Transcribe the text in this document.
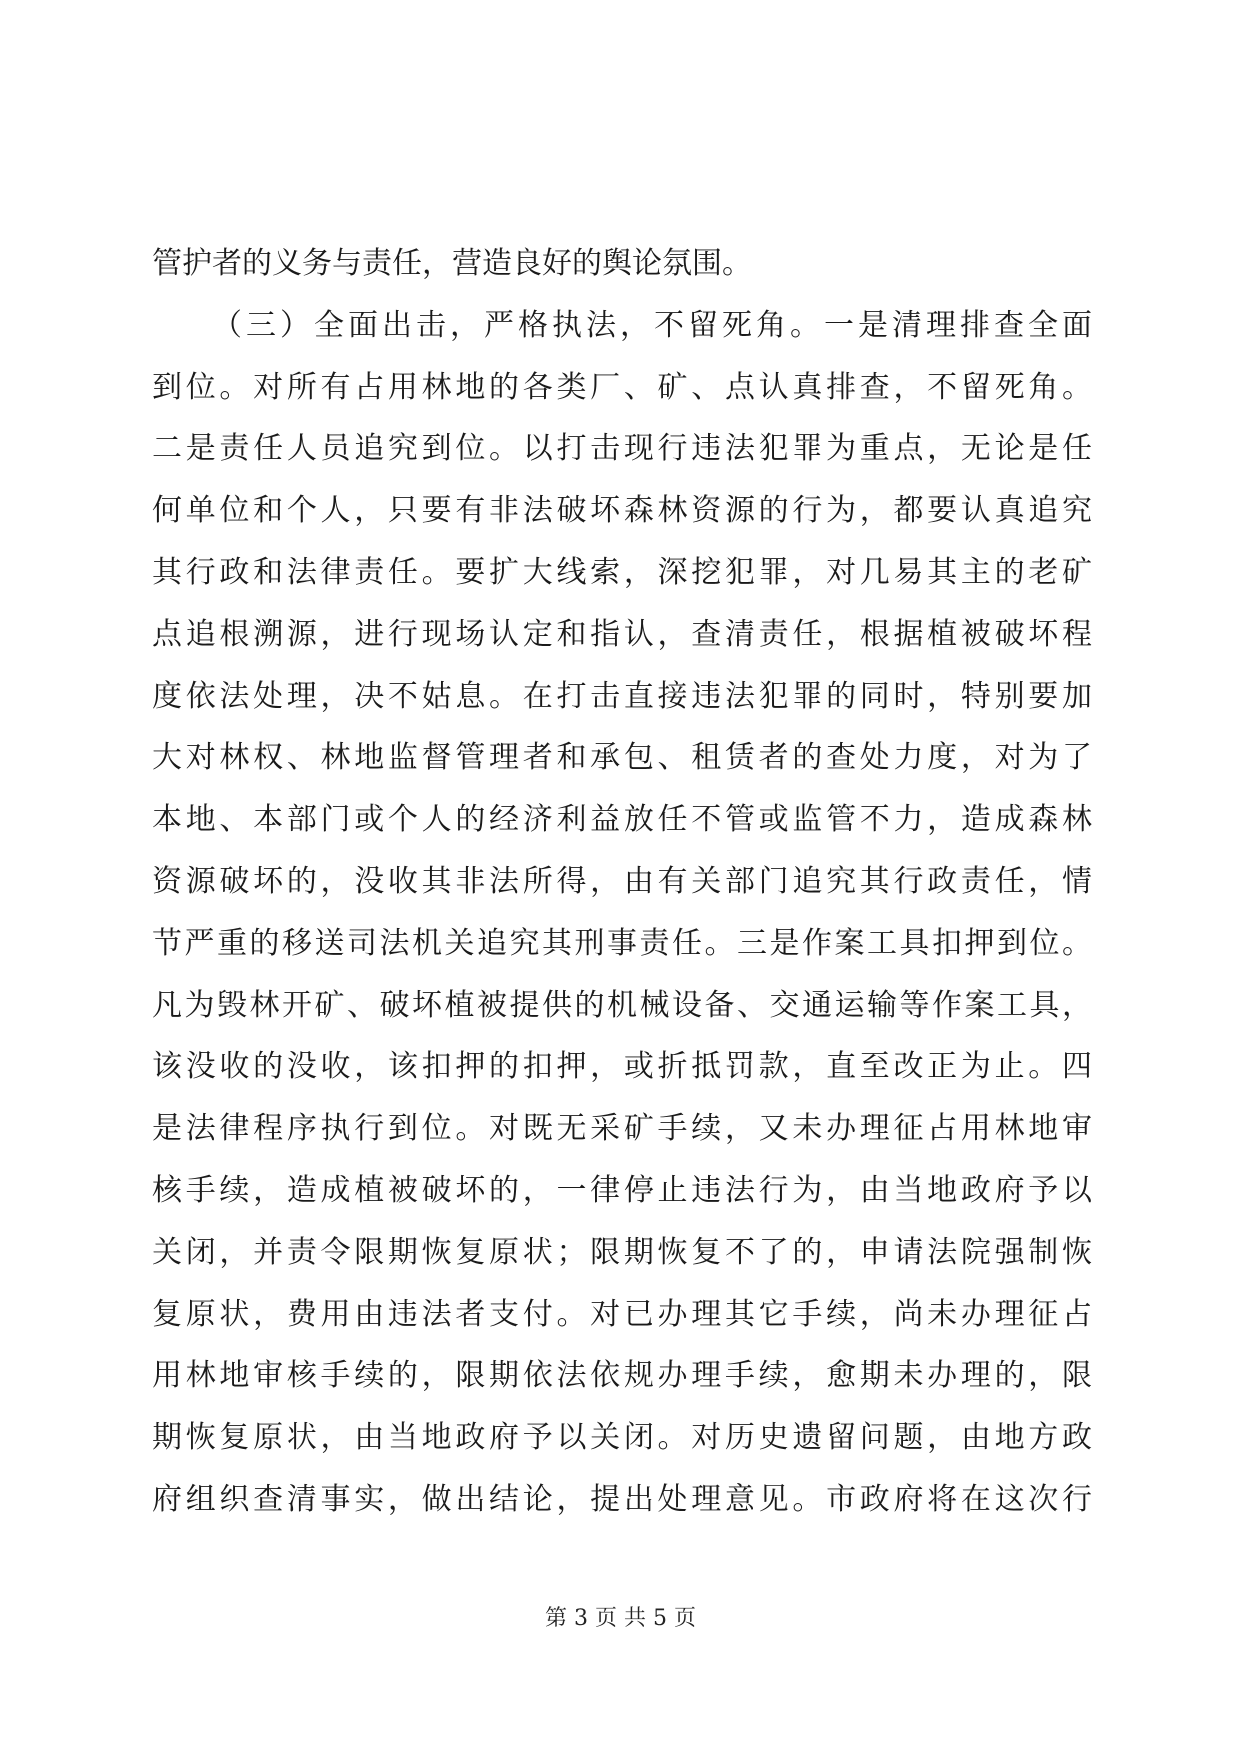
管护者的义务与责任，营造良好的舆论氛围。
（三）全面出击，严格执法，不留死角。一是清理排查全面
到位。对所有占用林地的各类厂、矿、点认真排查，不留死角。
二是责任人员追究到位。以打击现行违法犯罪为重点，无论是任
何单位和个人，只要有非法破坏森林资源的行为，都要认真追究
其行政和法律责任。要扩大线索，深挖犯罪，对几易其主的老矿
点追根溯源，进行现场认定和指认，查清责任，根据植被破坏程
度依法处理，决不姑息。在打击直接违法犯罪的同时，特别要加
大对林权、林地监督管理者和承包、租赁者的查处力度，对为了
本地、本部门或个人的经济利益放任不管或监管不力，造成森林
资源破坏的，没收其非法所得，由有关部门追究其行政责任，情
节严重的移送司法机关追究其刑事责任。三是作案工具扣押到位。
凡为毁林开矿、破坏植被提供的机械设备、交通运输等作案工具，
该没收的没收，该扣押的扣押，或折抵罚款，直至改正为止。四
是法律程序执行到位。对既无采矿手续，又未办理征占用林地审
核手续，造成植被破坏的，一律停止违法行为，由当地政府予以
关闭，并责令限期恢复原状；限期恢复不了的，申请法院强制恢
复原状，费用由违法者支付。对已办理其它手续，尚未办理征占
用林地审核手续的，限期依法依规办理手续，愈期未办理的，限
期恢复原状，由当地政府予以关闭。对历史遗留问题，由地方政
府组织查清事实，做出结论，提出处理意见。市政府将在这次行
第 3 页 共 5 页
